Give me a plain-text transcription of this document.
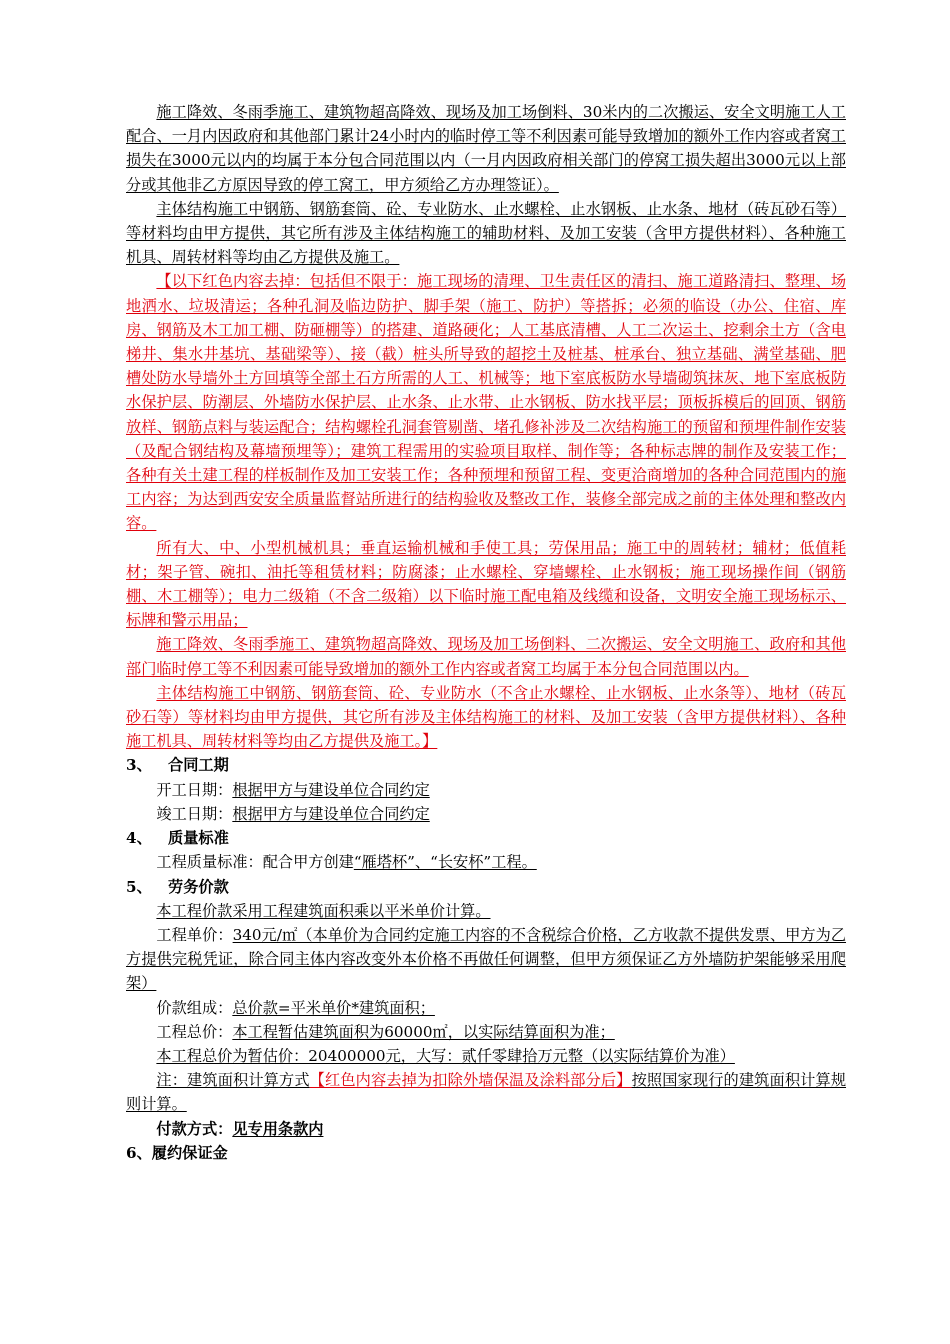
施工降效、冬雨季施工、建筑物超高降效、现场及加工场倒料、30米内的二次搬运、安全文明施工人工配合、一月内因政府和其他部门累计24小时内的临时停工等不利因素可能导致增加的额外工作内容或者窝工损失在3000元以内的均属于本分包合同范围以内（一月内因政府相关部门的停窝工损失超出3000元以上部分或其他非乙方原因导致的停工窝工，甲方须给乙方办理签证）。

主体结构施工中钢筋、钢筋套筒、砼、专业防水、止水螺栓、止水钢板、止水条、地材（砖瓦砂石等）等材料均由甲方提供，其它所有涉及主体结构施工的辅助材料、及加工安装（含甲方提供材料）、各种施工机具、周转材料等均由乙方提供及施工。

【以下红色内容去掉：包括但不限于：施工现场的清理、卫生责任区的清扫、施工道路清扫、整理、场地洒水、垃圾清运；各种孔洞及临边防护、脚手架（施工、防护）等搭拆；必须的临设（办公、住宿、库房、钢筋及木工加工棚、防砸棚等）的搭建、道路硬化；人工基底清槽、人工二次运土、挖剩余土方（含电梯井、集水井基坑、基础梁等）、接（截）桩头所导致的超挖土及桩基、桩承台、独立基础、满堂基础、肥槽处防水导墙外土方回填等全部土石方所需的人工、机械等；地下室底板防水导墙砌筑抹灰、地下室底板防水保护层、防潮层、外墙防水保护层、止水条、止水带、止水钢板、防水找平层；顶板拆模后的回顶、钢筋放样、钢筋点料与装运配合；结构螺栓孔洞套管剔凿、堵孔修补涉及二次结构施工的预留和预埋件制作安装（及配合钢结构及幕墙预埋等）；建筑工程需用的实验项目取样、制作等；各种标志牌的制作及安装工作；各种有关土建工程的样板制作及加工安装工作；各种预埋和预留工程、变更洽商增加的各种合同范围内的施工内容；为达到西安安全质量监督站所进行的结构验收及整改工作，装修全部完成之前的主体处理和整改内容。

所有大、中、小型机械机具；垂直运输机械和手使工具；劳保用品；施工中的周转材；辅材；低值耗材；架子管、碗扣、油托等租赁材料；防腐漆；止水螺栓、穿墙螺栓、止水钢板；施工现场操作间（钢筋棚、木工棚等）；电力二级箱（不含二级箱）以下临时施工配电箱及线缆和设备，文明安全施工现场标示、标牌和警示用品；

施工降效、冬雨季施工、建筑物超高降效、现场及加工场倒料、二次搬运、安全文明施工、政府和其他部门临时停工等不利因素可能导致增加的额外工作内容或者窝工均属于本分包合同范围以内。

主体结构施工中钢筋、钢筋套筒、砼、专业防水（不含止水螺栓、止水钢板、止水条等）、地材（砖瓦砂石等）等材料均由甲方提供，其它所有涉及主体结构施工的材料、及加工安装（含甲方提供材料）、各种施工机具、周转材料等均由乙方提供及施工。】

3、 合同工期

开工日期：根据甲方与建设单位合同约定

竣工日期：根据甲方与建设单位合同约定

4、 质量标准

工程质量标准：配合甲方创建“雁塔杯”、“长安杯”工程。

5、 劳务价款

本工程价款采用工程建筑面积乘以平米单价计算。

工程单价：340元/㎡（本单价为合同约定施工内容的不含税综合价格，乙方收款不提供发票、甲方为乙方提供完税凭证，除合同主体内容改变外本价格不再做任何调整，但甲方须保证乙方外墙防护架能够采用爬架）

价款组成：总价款=平米单价*建筑面积；

工程总价：本工程暂估建筑面积为60000㎡，以实际结算面积为准；

本工程总价为暂估价：20400000元，大写：贰仟零肆拾万元整（以实际结算价为准）

注：建筑面积计算方式【红色内容去掉为扣除外墙保温及涂料部分后】按照国家现行的建筑面积计算规则计算。

付款方式：见专用条款内

6、履约保证金
